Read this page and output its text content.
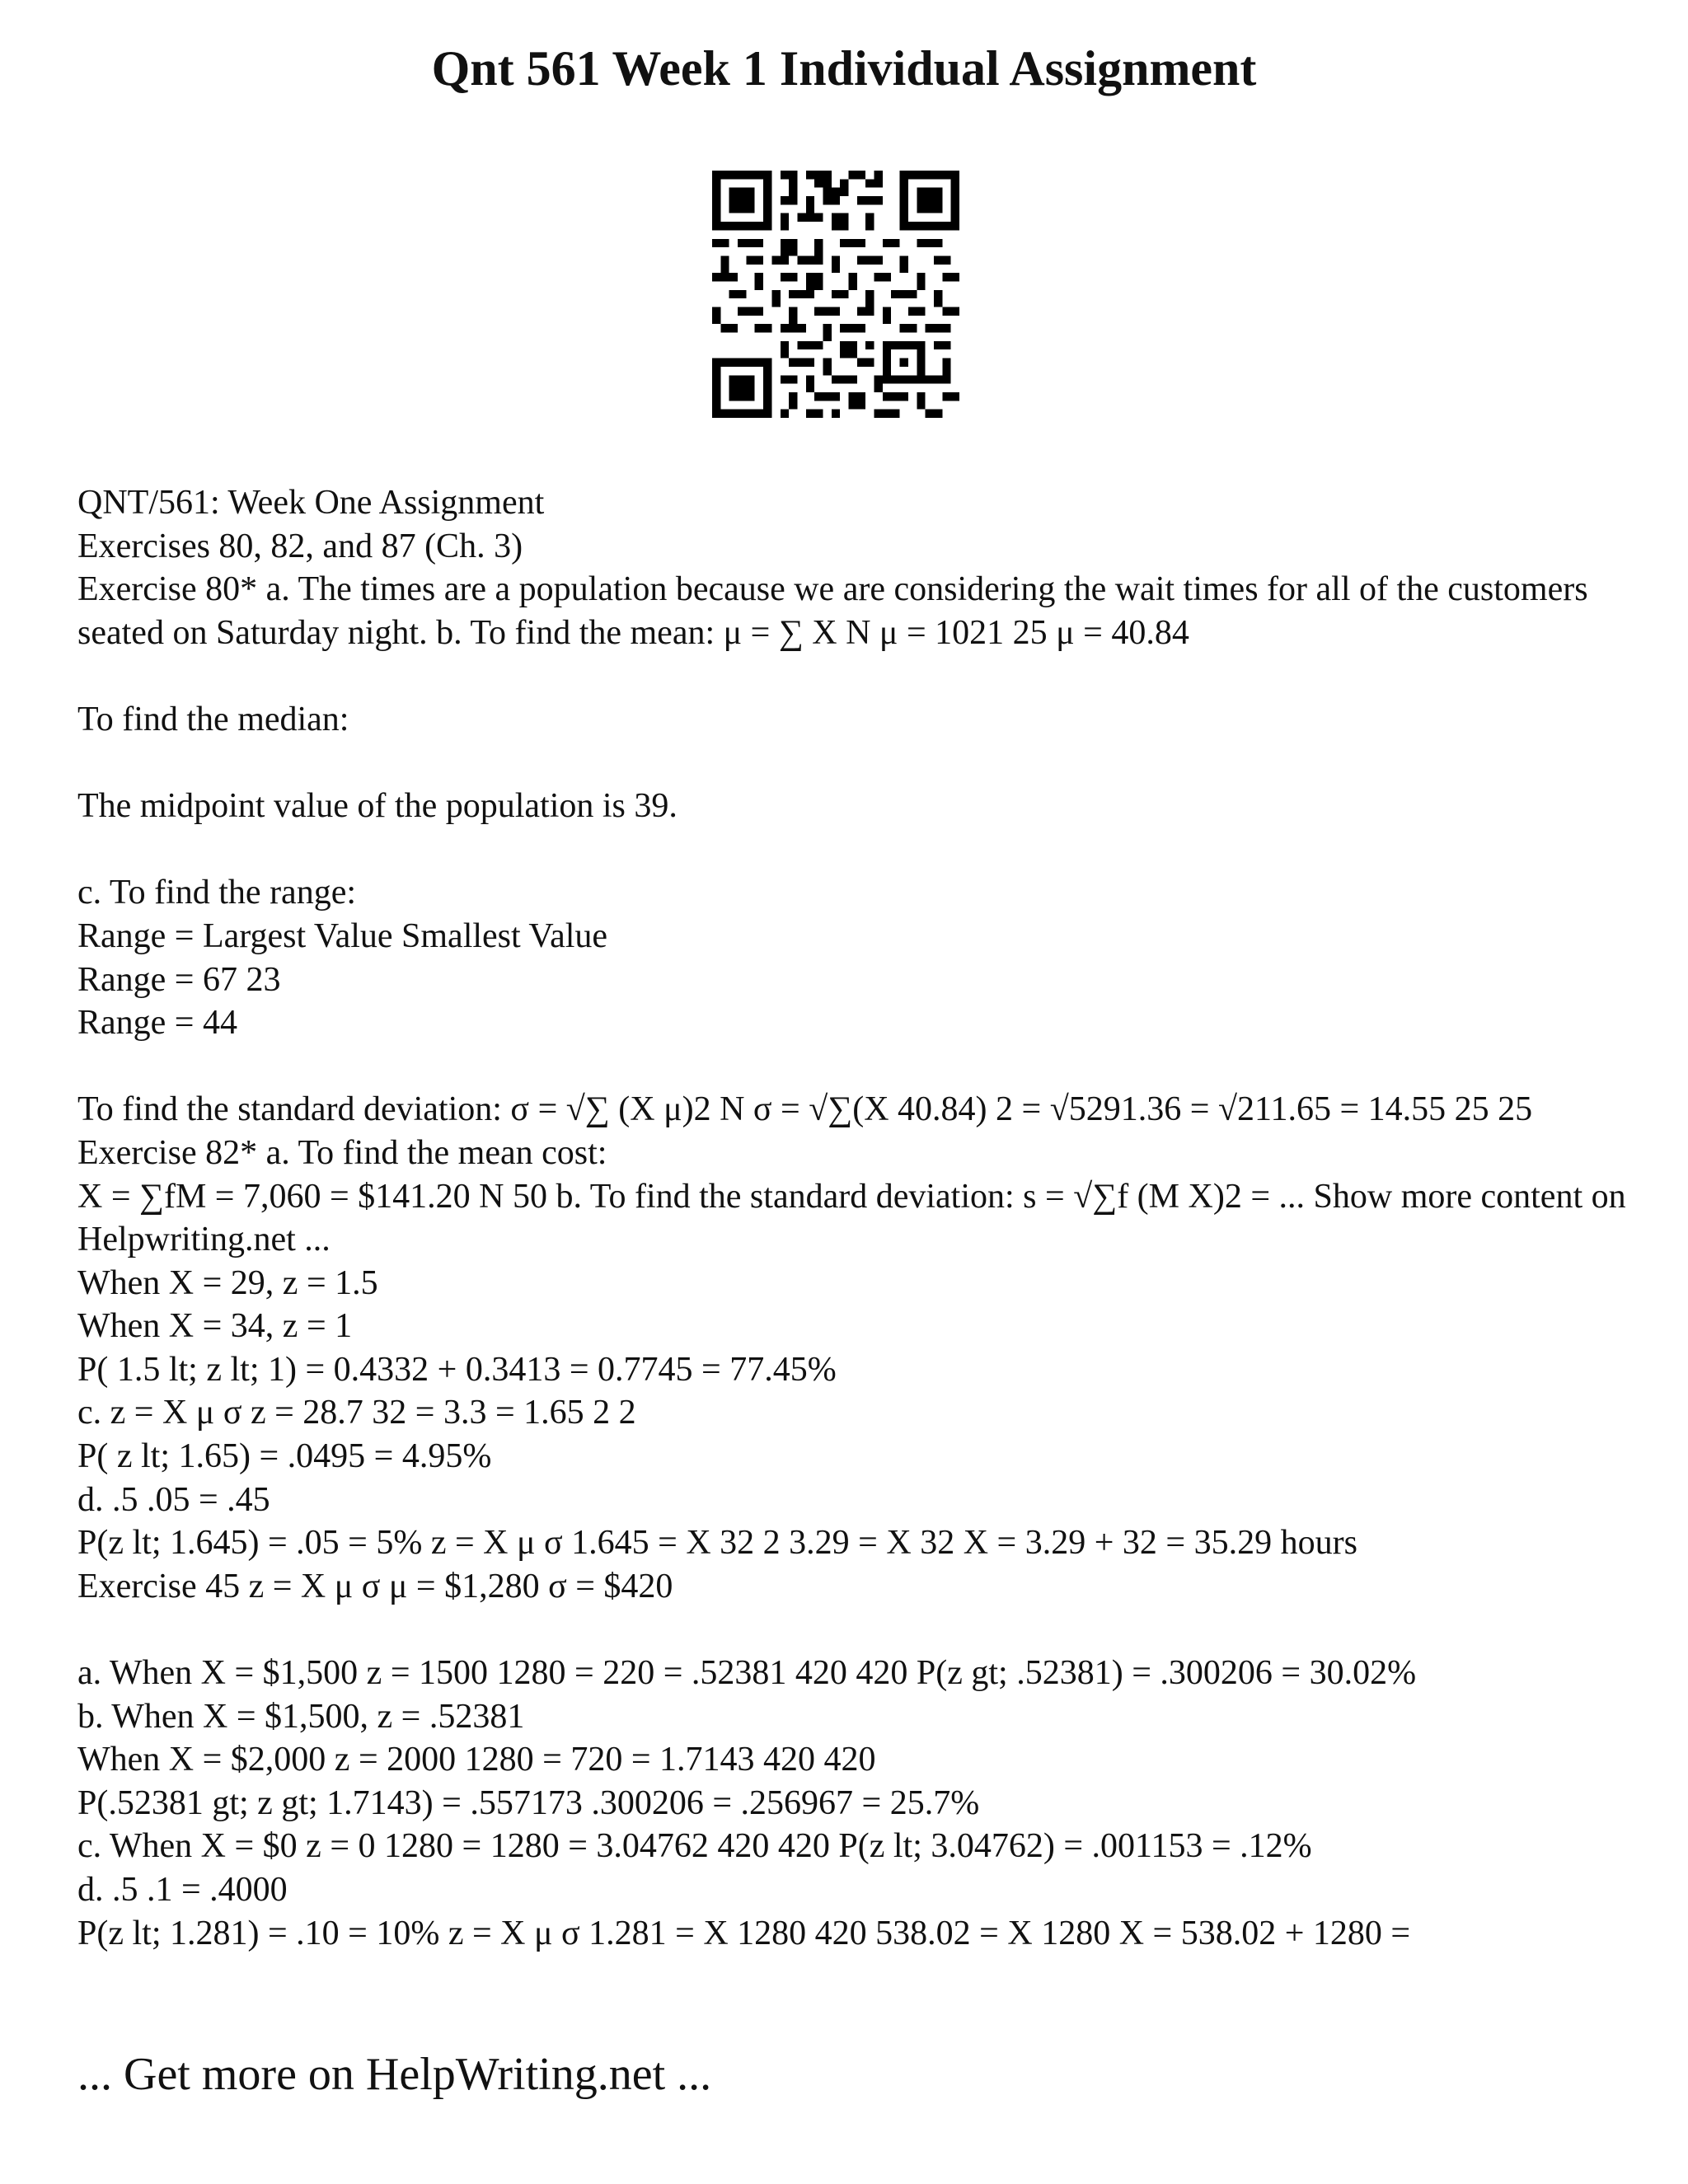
Qnt 561 Week 1 Individual Assignment
QNT/561: Week One Assignment
Exercises 80, 82, and 87 (Ch. 3)
Exercise 80* a. The times are a population because we are considering the wait times for all of the customers seated on Saturday night. b. To find the mean: μ = ∑ X N μ = 1021 25 μ = 40.84
To find the median:
The midpoint value of the population is 39.
c. To find the range:
Range = Largest Value Smallest Value
Range = 67 23
Range = 44
To find the standard deviation: σ = √∑ (X μ)2 N σ = √∑(X 40.84) 2 = √5291.36 = √211.65 = 14.55 25 25
Exercise 82* a. To find the mean cost:
X = ∑fM = 7,060 = $141.20 N 50 b. To find the standard deviation: s = √∑f (M X)2 = ... Show more content on Helpwriting.net ...
When X = 29, z = 1.5
When X = 34, z = 1
P( 1.5 lt; z lt; 1) = 0.4332 + 0.3413 = 0.7745 = 77.45%
c. z = X μ σ z = 28.7 32 = 3.3 = 1.65 2 2
P( z lt; 1.65) = .0495 = 4.95%
d. .5 .05 = .45
P(z lt; 1.645) = .05 = 5% z = X μ σ 1.645 = X 32 2 3.29 = X 32 X = 3.29 + 32 = 35.29 hours
Exercise 45 z = X μ σ μ = $1,280 σ = $420
a. When X = $1,500 z = 1500 1280 = 220 = .52381 420 420 P(z gt; .52381) = .300206 = 30.02%
b. When X = $1,500, z = .52381
When X = $2,000 z = 2000 1280 = 720 = 1.7143 420 420
P(.52381 gt; z gt; 1.7143) = .557173 .300206 = .256967 = 25.7%
c. When X = $0 z = 0 1280 = 1280 = 3.04762 420 420 P(z lt; 3.04762) = .001153 = .12%
d. .5 .1 = .4000
P(z lt; 1.281) = .10 = 10% z = X μ σ 1.281 = X 1280 420 538.02 = X 1280 X = 538.02 + 1280 =
... Get more on HelpWriting.net ...
